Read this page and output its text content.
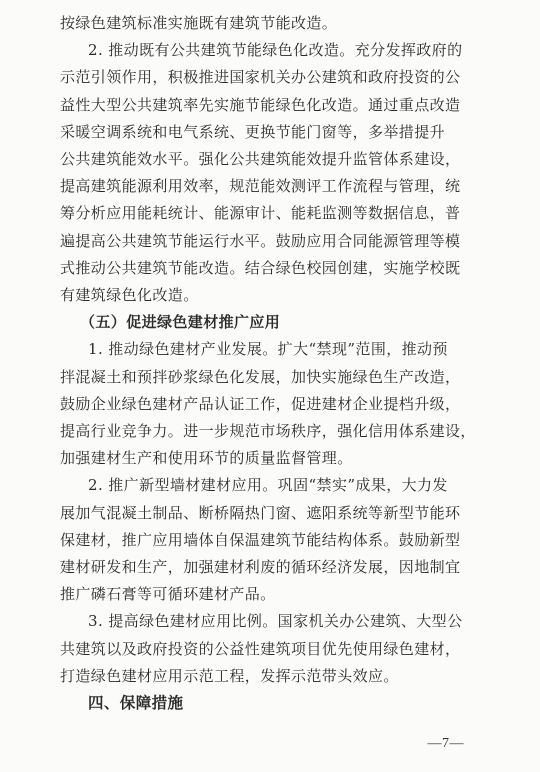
按绿色建筑标准实施既有建筑节能改造。
2. 推动既有公共建筑节能绿色化改造。充分发挥政府的
示范引领作用，积极推进国家机关办公建筑和政府投资的公
益性大型公共建筑率先实施节能绿色化改造。通过重点改造
采暖空调系统和电气系统、更换节能门窗等，多举措提升
公共建筑能效水平。强化公共建筑能效提升监管体系建设，
提高建筑能源利用效率，规范能效测评工作流程与管理，统
筹分析应用能耗统计、能源审计、能耗监测等数据信息，普
遍提高公共建筑节能运行水平。鼓励应用合同能源管理等模
式推动公共建筑节能改造。结合绿色校园创建，实施学校既
有建筑绿色化改造。
（五）促进绿色建材推广应用
1. 推动绿色建材产业发展。扩大“禁现”范围，推动预
拌混凝土和预拌砂浆绿色化发展，加快实施绿色生产改造，
鼓励企业绿色建材产品认证工作，促进建材企业提档升级，
提高行业竞争力。进一步规范市场秩序，强化信用体系建设，
加强建材生产和使用环节的质量监督管理。
2. 推广新型墙材建材应用。巩固“禁实”成果，大力发
展加气混凝土制品、断桥隔热门窗、遮阳系统等新型节能环
保建材，推广应用墙体自保温建筑节能结构体系。鼓励新型
建材研发和生产，加强建材利废的循环经济发展，因地制宜
推广磷石膏等可循环建材产品。
3. 提高绿色建材应用比例。国家机关办公建筑、大型公
共建筑以及政府投资的公益性建筑项目优先使用绿色建材，
打造绿色建材应用示范工程，发挥示范带头效应。
四、保障措施
—7—
